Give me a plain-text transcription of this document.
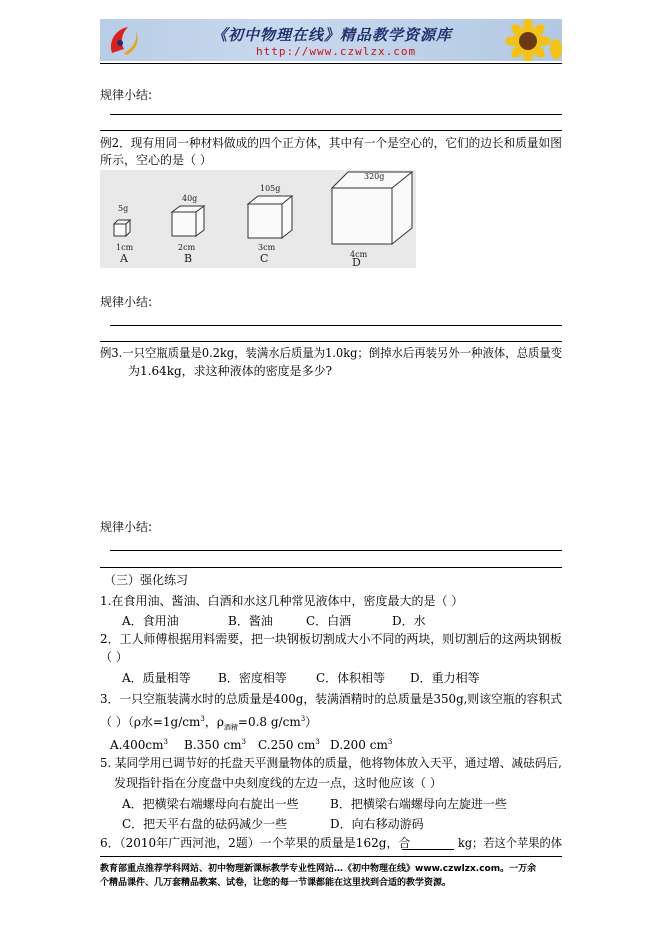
《初中物理在线》精品教学资源库
http://www.czwlzx.com
规律小结:
例2．现有用同一种材料做成的四个正方体，其中有一个是空心的，它们的边长和质量如图
所示，空心的是（ ）
5g
1cm
A
40g
2cm
B
105g
3cm
C
320g
4cm
D
规律小结:
例3.一只空瓶质量是0.2kg，装满水后质量为1.0kg；倒掉水后再装另外一种液体，总质量变
为1.64kg，求这种液体的密度是多少?
规律小结:
（三）强化练习
1.在食用油、酱油、白酒和水这几种常见液体中，密度最大的是（ ）
A．食用油	B．酱油	C．白酒	D．水
2．工人师傅根据用料需要，把一块钢板切割成大小不同的两块，则切割后的这两块钢板
（ ）
A．质量相等 B．密度相等 C．体积相等 D．重力相等
3．一只空瓶装满水时的总质量是400g，装满酒精时的总质量是350g,则该空瓶的容积式
（ ）（ρ水$=1g/cm^3$，$\rho_{酒精}=0.8$ $g/cm^3$）
$A.400cm^3$ B.350 $cm^3$ C.250 $cm^3$ D.200 $cm^3$
5. 某同学用已调节好的托盘天平测量物体的质量，他将物体放入天平，通过增、减砝码后,
发现指针指在分度盘中央刻度线的左边一点，这时他应该（ ）
A．把横梁右端螺母向右旋出一些	B．把横梁右端螺母向左旋进一些
C．把天平右盘的砝码减少一些	D．向右移动游码
6．（2010年广西河池，2题）一个苹果的质量是162g，合	kg；若这个苹果的体
教育部重点推荐学科网站、初中物理新课标教学专业性网站…《初中物理在线》www.czwlzx.com。一万余
个精品课件、几万套精品教案、试卷，让您的每一节课都能在这里找到合适的教学资源。
